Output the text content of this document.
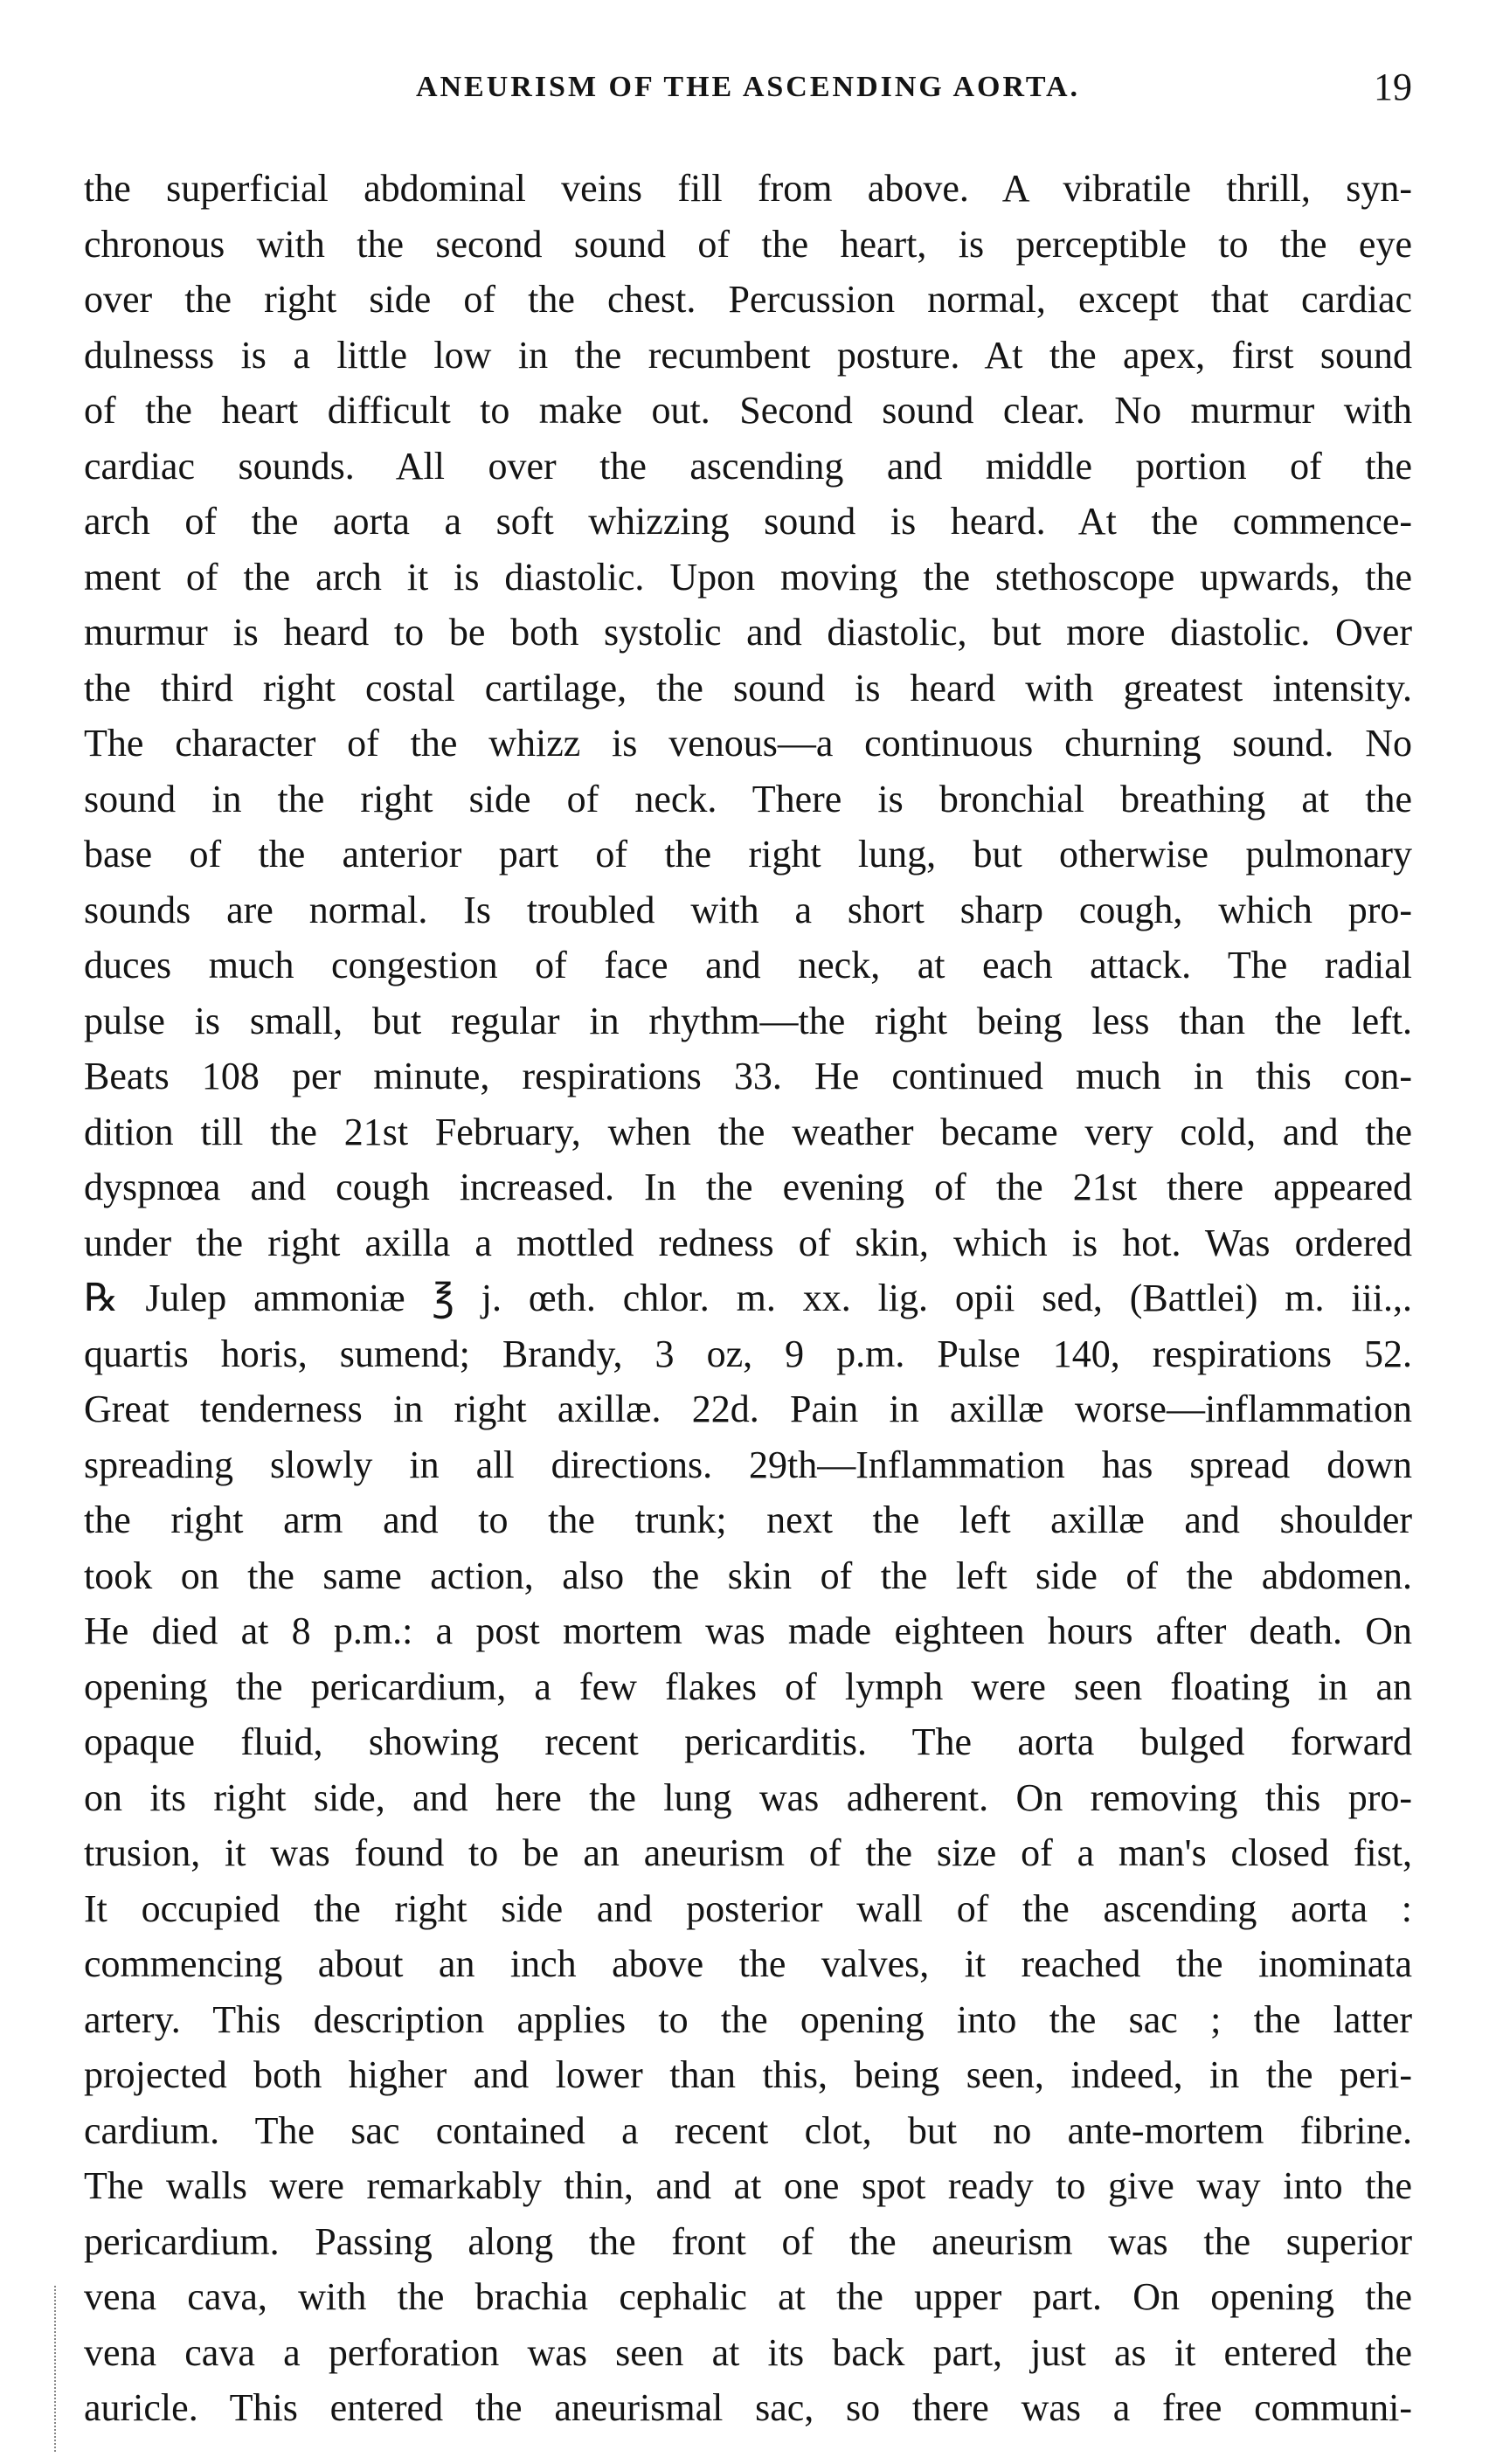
ANEURISM OF THE ASCENDING AORTA.	19
the superficial abdominal veins fill from above. A vibratile thrill, syn-
chronous with the second sound of the heart, is perceptible to the eye
over the right side of the chest. Percussion normal, except that cardiac
dulnesss is a little low in the recumbent posture. At the apex, first sound
of the heart difficult to make out. Second sound clear. No murmur with
cardiac sounds. All over the ascending and middle portion of the
arch of the aorta a soft whizzing sound is heard. At the commence-
ment of the arch it is diastolic. Upon moving the stethoscope upwards, the
murmur is heard to be both systolic and diastolic, but more diastolic. Over
the third right costal cartilage, the sound is heard with greatest intensity.
The character of the whizz is venous—a continuous churning sound. No
sound in the right side of neck. There is bronchial breathing at the
base of the anterior part of the right lung, but otherwise pulmonary
sounds are normal. Is troubled with a short sharp cough, which pro-
duces much congestion of face and neck, at each attack. The radial
pulse is small, but regular in rhythm—the right being less than the left.
Beats 108 per minute, respirations 33. He continued much in this con-
dition till the 21st February, when the weather became very cold, and the
dyspnœa and cough increased. In the evening of the 21st there appeared
under the right axilla a mottled redness of skin, which is hot. Was ordered
℞ Julep ammoniæ ℥ j. œth. chlor. m. xx. lig. opii sed, (Battlei) m. iii.,.
quartis horis, sumend; Brandy, 3 oz, 9 p.m. Pulse 140, respirations 52.
Great tenderness in right axillæ. 22d. Pain in axillæ worse—inflammation
spreading slowly in all directions. 29th—Inflammation has spread down
the right arm and to the trunk; next the left axillæ and shoulder
took on the same action, also the skin of the left side of the abdomen.
He died at 8 p.m.: a post mortem was made eighteen hours after death. On
opening the pericardium, a few flakes of lymph were seen floating in an
opaque fluid, showing recent pericarditis. The aorta bulged forward
on its right side, and here the lung was adherent. On removing this pro-
trusion, it was found to be an aneurism of the size of a man's closed fist,
It occupied the right side and posterior wall of the ascending aorta :
commencing about an inch above the valves, it reached the inominata
artery. This description applies to the opening into the sac ; the latter
projected both higher and lower than this, being seen, indeed, in the peri-
cardium. The sac contained a recent clot, but no ante-mortem fibrine.
The walls were remarkably thin, and at one spot ready to give way into the
pericardium. Passing along the front of the aneurism was the superior
vena cava, with the brachia cephalic at the upper part. On opening the
vena cava a perforation was seen at its back part, just as it entered the
auricle. This entered the aneurismal sac, so there was a free communi-
